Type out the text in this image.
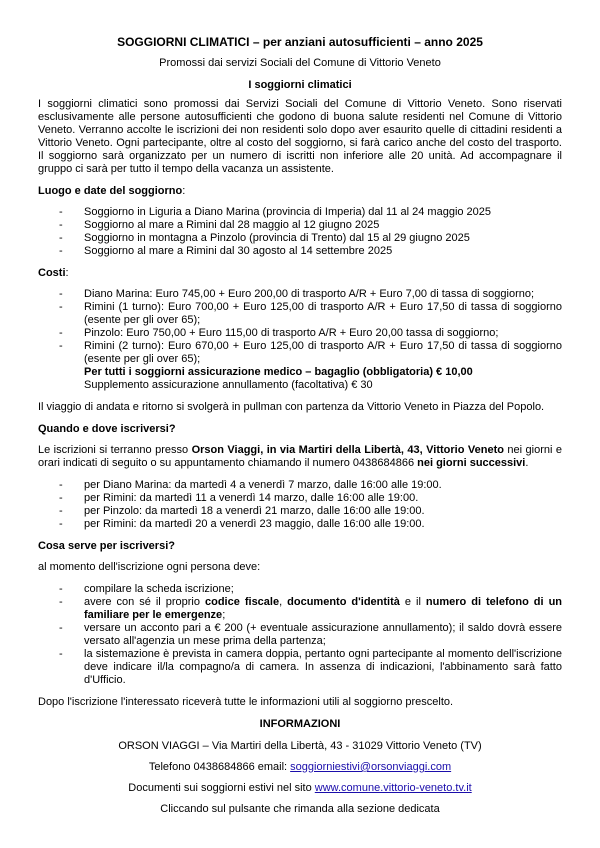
SOGGIORNI CLIMATICI – per anziani autosufficienti – anno 2025

Promossi dai servizi Sociali del Comune di Vittorio Veneto

I soggiorni climatici

I soggiorni climatici sono promossi dai Servizi Sociali del Comune di Vittorio Veneto. Sono riservati esclusivamente alle persone autosufficienti che godono di buona salute residenti nel Comune di Vittorio Veneto. Verranno accolte le iscrizioni dei non residenti solo dopo aver esaurito quelle di cittadini residenti a Vittorio Veneto. Ogni partecipante, oltre al costo del soggiorno, si farà carico anche del costo del trasporto. Il soggiorno sarà organizzato per un numero di iscritti non inferiore alle 20 unità. Ad accompagnare il gruppo ci sarà per tutto il tempo della vacanza un assistente.

Luogo e date del soggiorno:
- Soggiorno in Liguria a Diano Marina (provincia di Imperia) dal 11 al 24 maggio 2025
- Soggiorno al mare a Rimini dal 28 maggio al 12 giugno 2025
- Soggiorno in montagna a Pinzolo (provincia di Trento) dal 15 al 29 giugno 2025
- Soggiorno al mare a Rimini dal 30 agosto al 14 settembre 2025
Costi:
- Diano Marina: Euro 745,00 + Euro 200,00 di trasporto A/R + Euro 7,00 di tassa di soggiorno;
- Rimini (1 turno): Euro 700,00 + Euro 125,00 di trasporto A/R + Euro 17,50 di tassa di soggiorno (esente per gli over 65);
- Pinzolo: Euro 750,00 + Euro 115,00 di trasporto A/R + Euro 20,00 tassa di soggiorno;
- Rimini (2 turno): Euro 670,00 + Euro 125,00 di trasporto A/R + Euro 17,50 di tassa di soggiorno (esente per gli over 65);
Per tutti i soggiorni assicurazione medico – bagaglio (obbligatoria) € 10,00
Supplemento assicurazione annullamento (facoltativa) € 30

Il viaggio di andata e ritorno si svolgerà in pullman con partenza da Vittorio Veneto in Piazza del Popolo.

Quando e dove iscriversi?

Le iscrizioni si terranno presso Orson Viaggi, in via Martiri della Libertà, 43, Vittorio Veneto nei giorni e orari indicati di seguito o su appuntamento chiamando il numero 0438684866 nei giorni successivi.

- per Diano Marina: da martedì 4 a venerdì 7 marzo, dalle 16:00 alle 19:00.
- per Rimini: da martedì 11 a venerdì 14 marzo, dalle 16:00 alle 19:00.
- per Pinzolo: da martedì 18 a venerdì 21 marzo, dalle 16:00 alle 19:00.
- per Rimini: da martedì 20 a venerdì 23 maggio, dalle 16:00 alle 19:00.
Cosa serve per iscriversi?

al momento dell'iscrizione ogni persona deve:

- compilare la scheda iscrizione;
- avere con sé il proprio codice fiscale, documento d'identità e il numero di telefono di un familiare per le emergenze;
- versare un acconto pari a € 200 (+ eventuale assicurazione annullamento); il saldo dovrà essere versato all'agenzia un mese prima della partenza;
- la sistemazione è prevista in camera doppia, pertanto ogni partecipante al momento dell'iscrizione deve indicare il/la compagno/a di camera. In assenza di indicazioni, l'abbinamento sarà fatto d'Ufficio.

Dopo l'iscrizione l'interessato riceverà tutte le informazioni utili al soggiorno prescelto.

INFORMAZIONI

ORSON VIAGGI – Via Martiri della Libertà, 43 - 31029 Vittorio Veneto (TV)

Telefono 0438684866 email: soggiorniestivi@orsonviaggi.com

Documenti sui soggiorni estivi nel sito www.comune.vittorio-veneto.tv.it

Cliccando sul pulsante che rimanda alla sezione dedicata
